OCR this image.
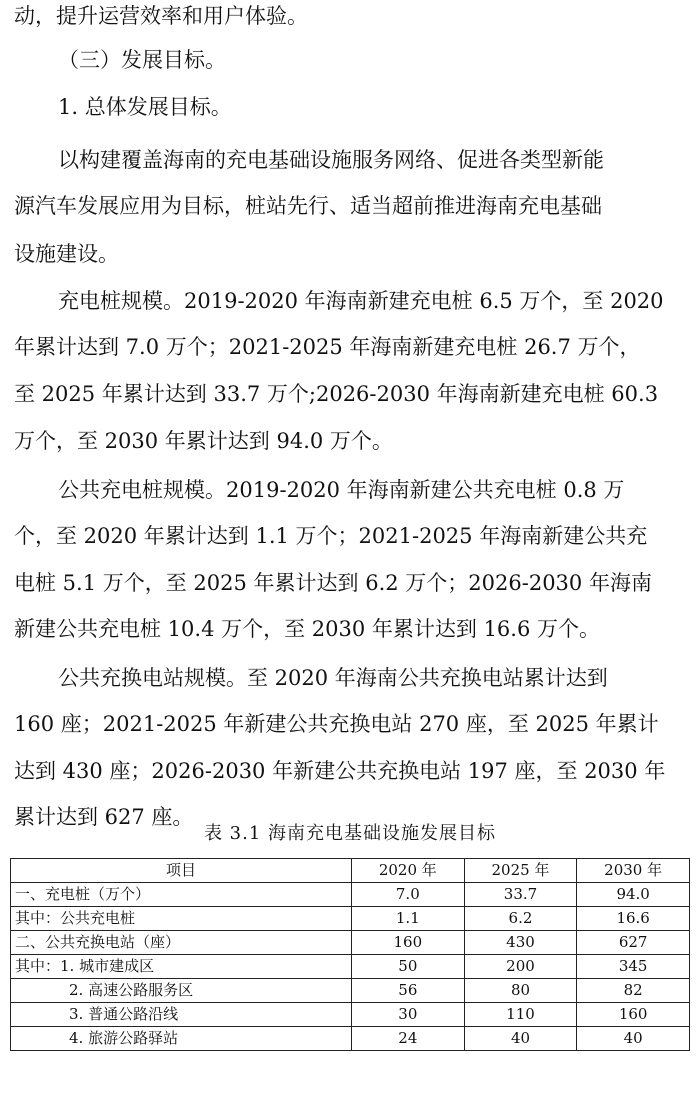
动，提升运营效率和用户体验。
（三）发展目标。
1. 总体发展目标。
以构建覆盖海南的充电基础设施服务网络、促进各类型新能
源汽车发展应用为目标，桩站先行、适当超前推进海南充电基础
设施建设。
充电桩规模。2019-2020 年海南新建充电桩 6.5 万个，至 2020
年累计达到 7.0 万个；2021-2025 年海南新建充电桩 26.7 万个，
至 2025 年累计达到 33.7 万个;2026-2030 年海南新建充电桩 60.3
万个，至 2030 年累计达到 94.0 万个。
公共充电桩规模。2019-2020 年海南新建公共充电桩 0.8 万
个，至 2020 年累计达到 1.1 万个；2021-2025 年海南新建公共充
电桩 5.1 万个，至 2025 年累计达到 6.2 万个；2026-2030 年海南
新建公共充电桩 10.4 万个，至 2030 年累计达到 16.6 万个。
公共充换电站规模。至 2020 年海南公共充换电站累计达到
160 座；2021-2025 年新建公共充换电站 270 座，至 2025 年累计
达到 430 座；2026-2030 年新建公共充换电站 197 座，至 2030 年
累计达到 627 座。
表 3.1 海南充电基础设施发展目标
项目	2020 年	2025 年	2030 年
一、充电桩（万个）	7.0	33.7	94.0
其中：公共充电桩	1.1	6.2	16.6
二、公共充换电站（座）	160	430	627
其中：1. 城市建成区	50	200	345
2. 高速公路服务区	56	80	82
3. 普通公路沿线	30	110	160
4. 旅游公路驿站	24	40	40
